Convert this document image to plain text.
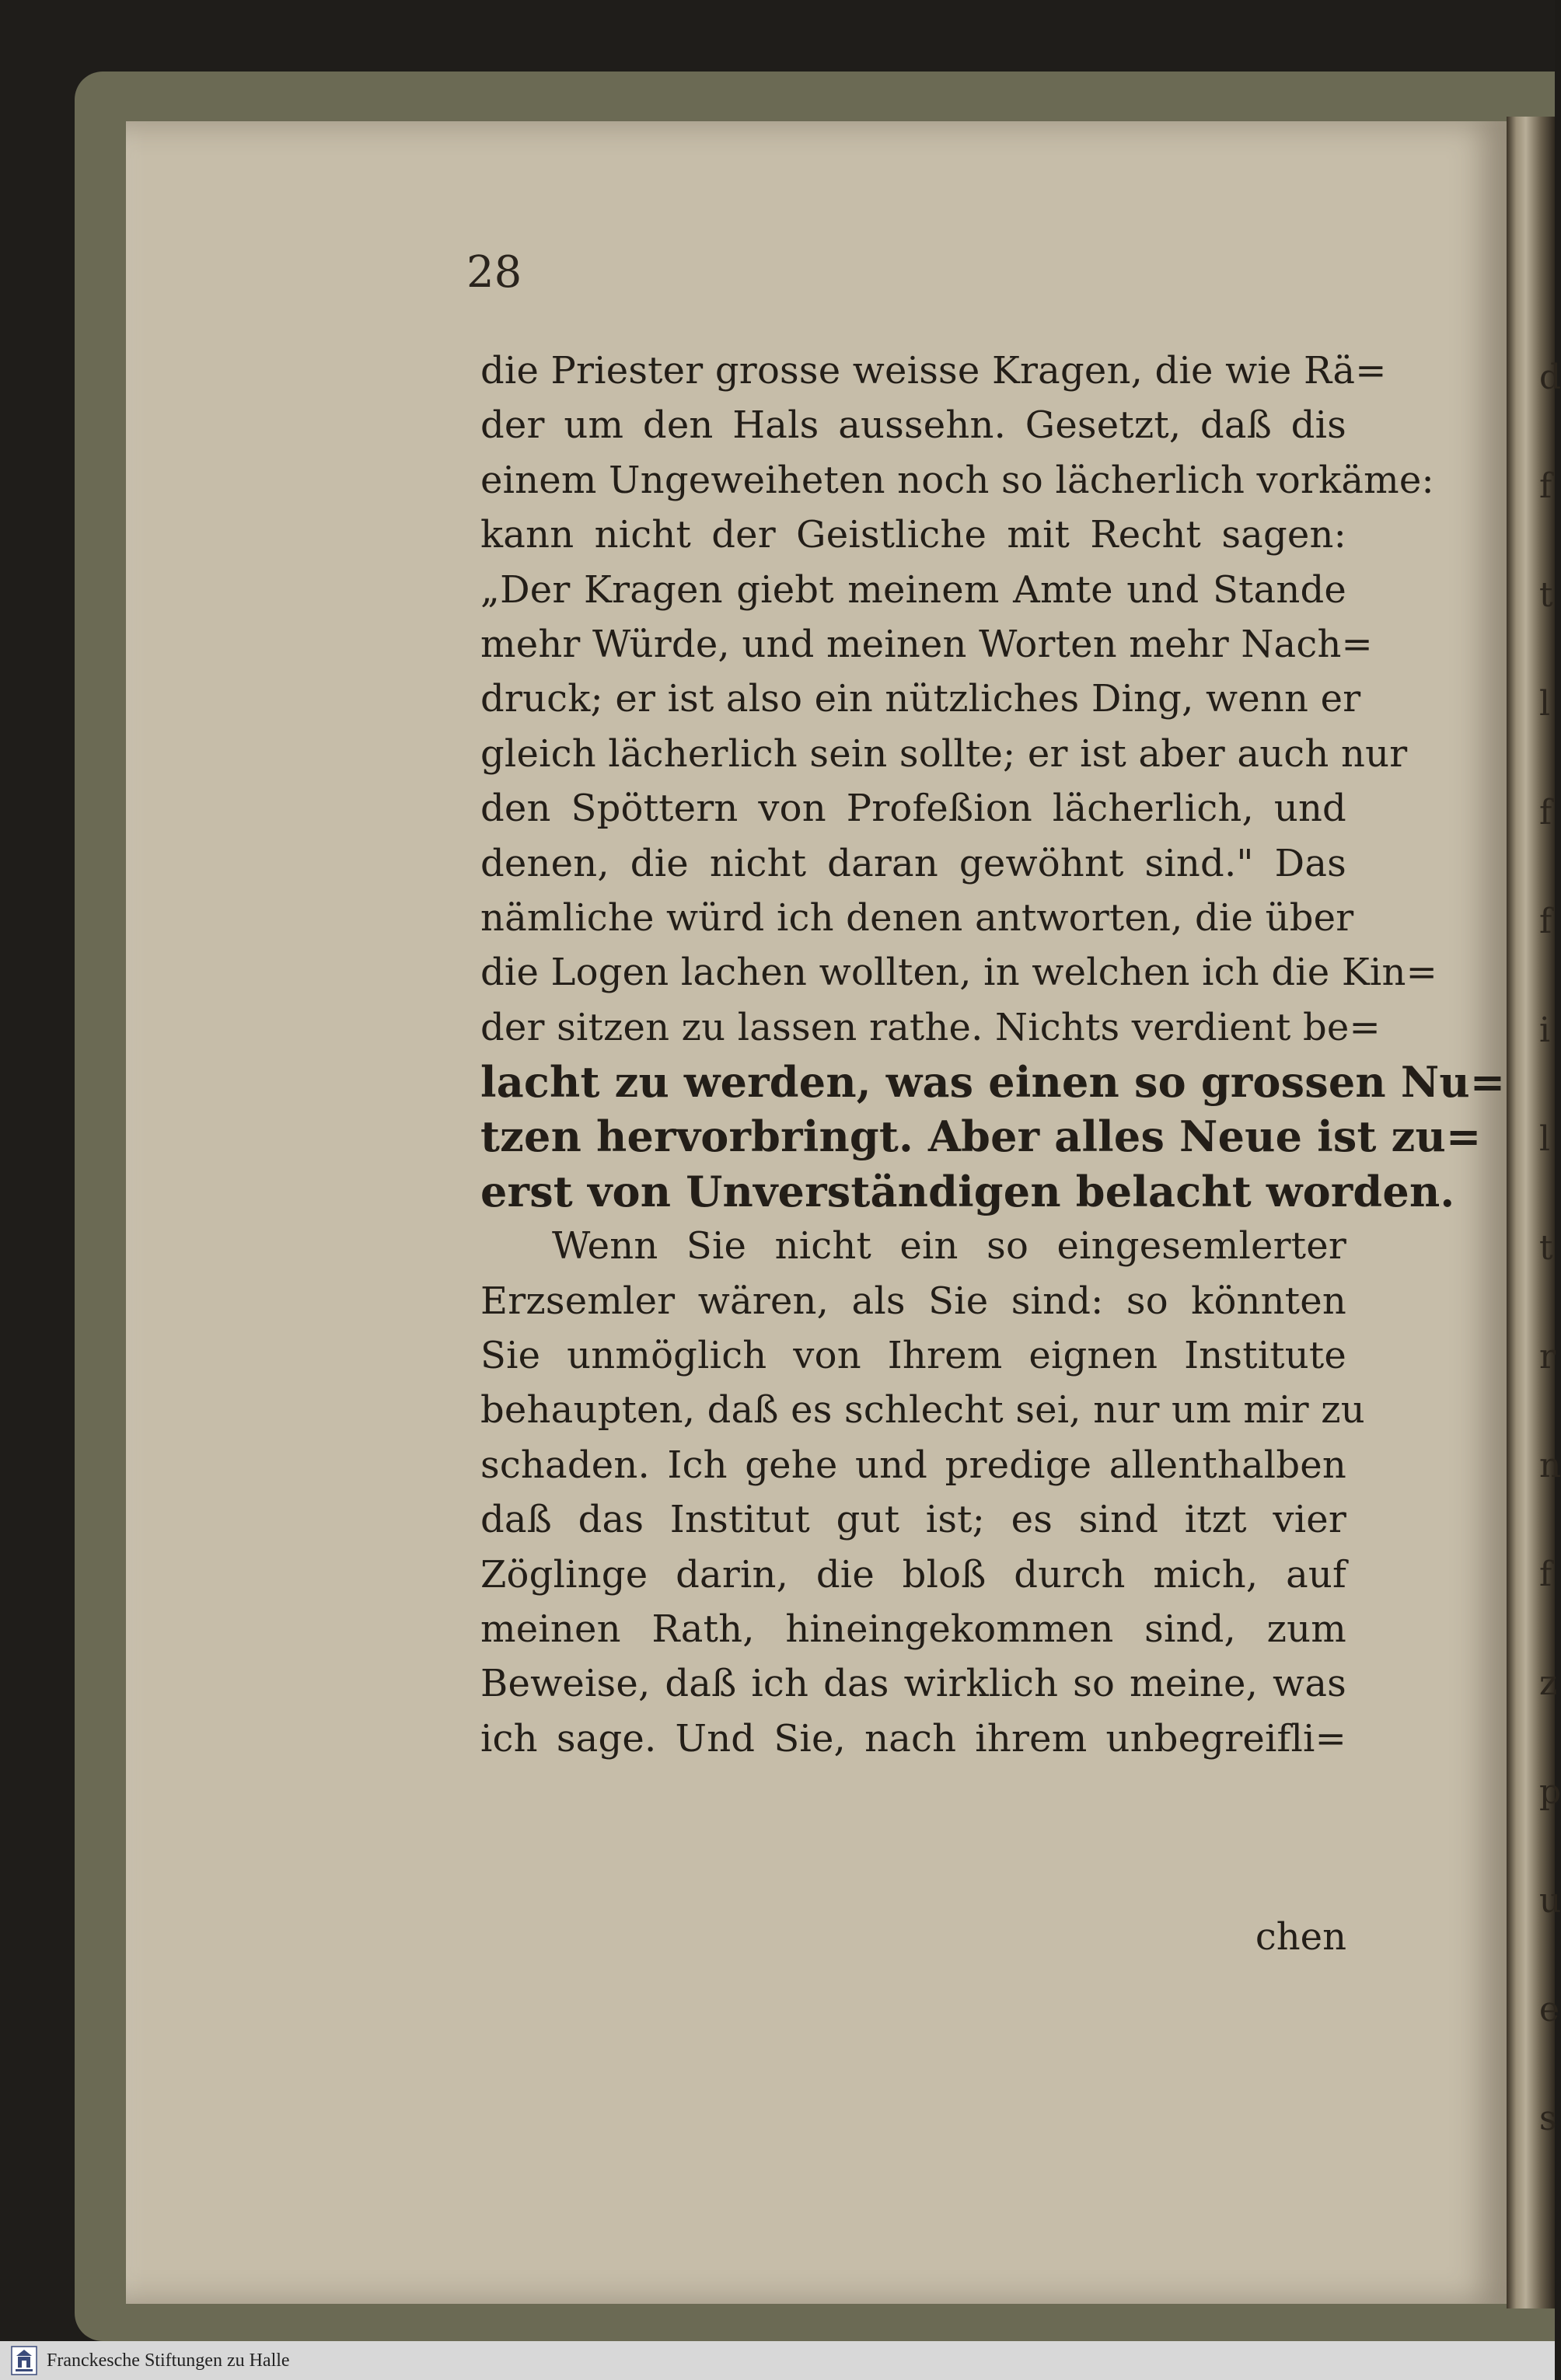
d
f
t
l
f
f
i
l
t
r
n
f
z
p
u
e
s
28
die Priester grosse weisse Kragen, die wie Rä=
der um den Hals aussehn. Gesetzt, daß dis
einem Ungeweiheten noch so lächerlich vorkäme:
kann nicht der Geistliche mit Recht sagen:
„Der Kragen giebt meinem Amte und Stande
mehr Würde, und meinen Worten mehr Nach=
druck; er ist also ein nützliches Ding, wenn er
gleich lächerlich sein sollte; er ist aber auch nur
den Spöttern von Profeßion lächerlich, und
denen, die nicht daran gewöhnt sind." Das
nämliche würd ich denen antworten, die über
die Logen lachen wollten, in welchen ich die Kin=
der sitzen zu lassen rathe. Nichts verdient be=
lacht zu werden, was einen so grossen Nu=
tzen hervorbringt. Aber alles Neue ist zu=
erst von Unverständigen belacht worden.
Wenn Sie nicht ein so eingesemlerter
Erzsemler wären, als Sie sind: so könnten
Sie unmöglich von Ihrem eignen Institute
behaupten, daß es schlecht sei, nur um mir zu
schaden. Ich gehe und predige allenthalben
daß das Institut gut ist; es sind itzt vier
Zöglinge darin, die bloß durch mich, auf
meinen Rath, hineingekommen sind, zum
Beweise, daß ich das wirklich so meine, was
ich sage. Und Sie, nach ihrem unbegreifli=
chen
Franckesche Stiftungen zu Halle
